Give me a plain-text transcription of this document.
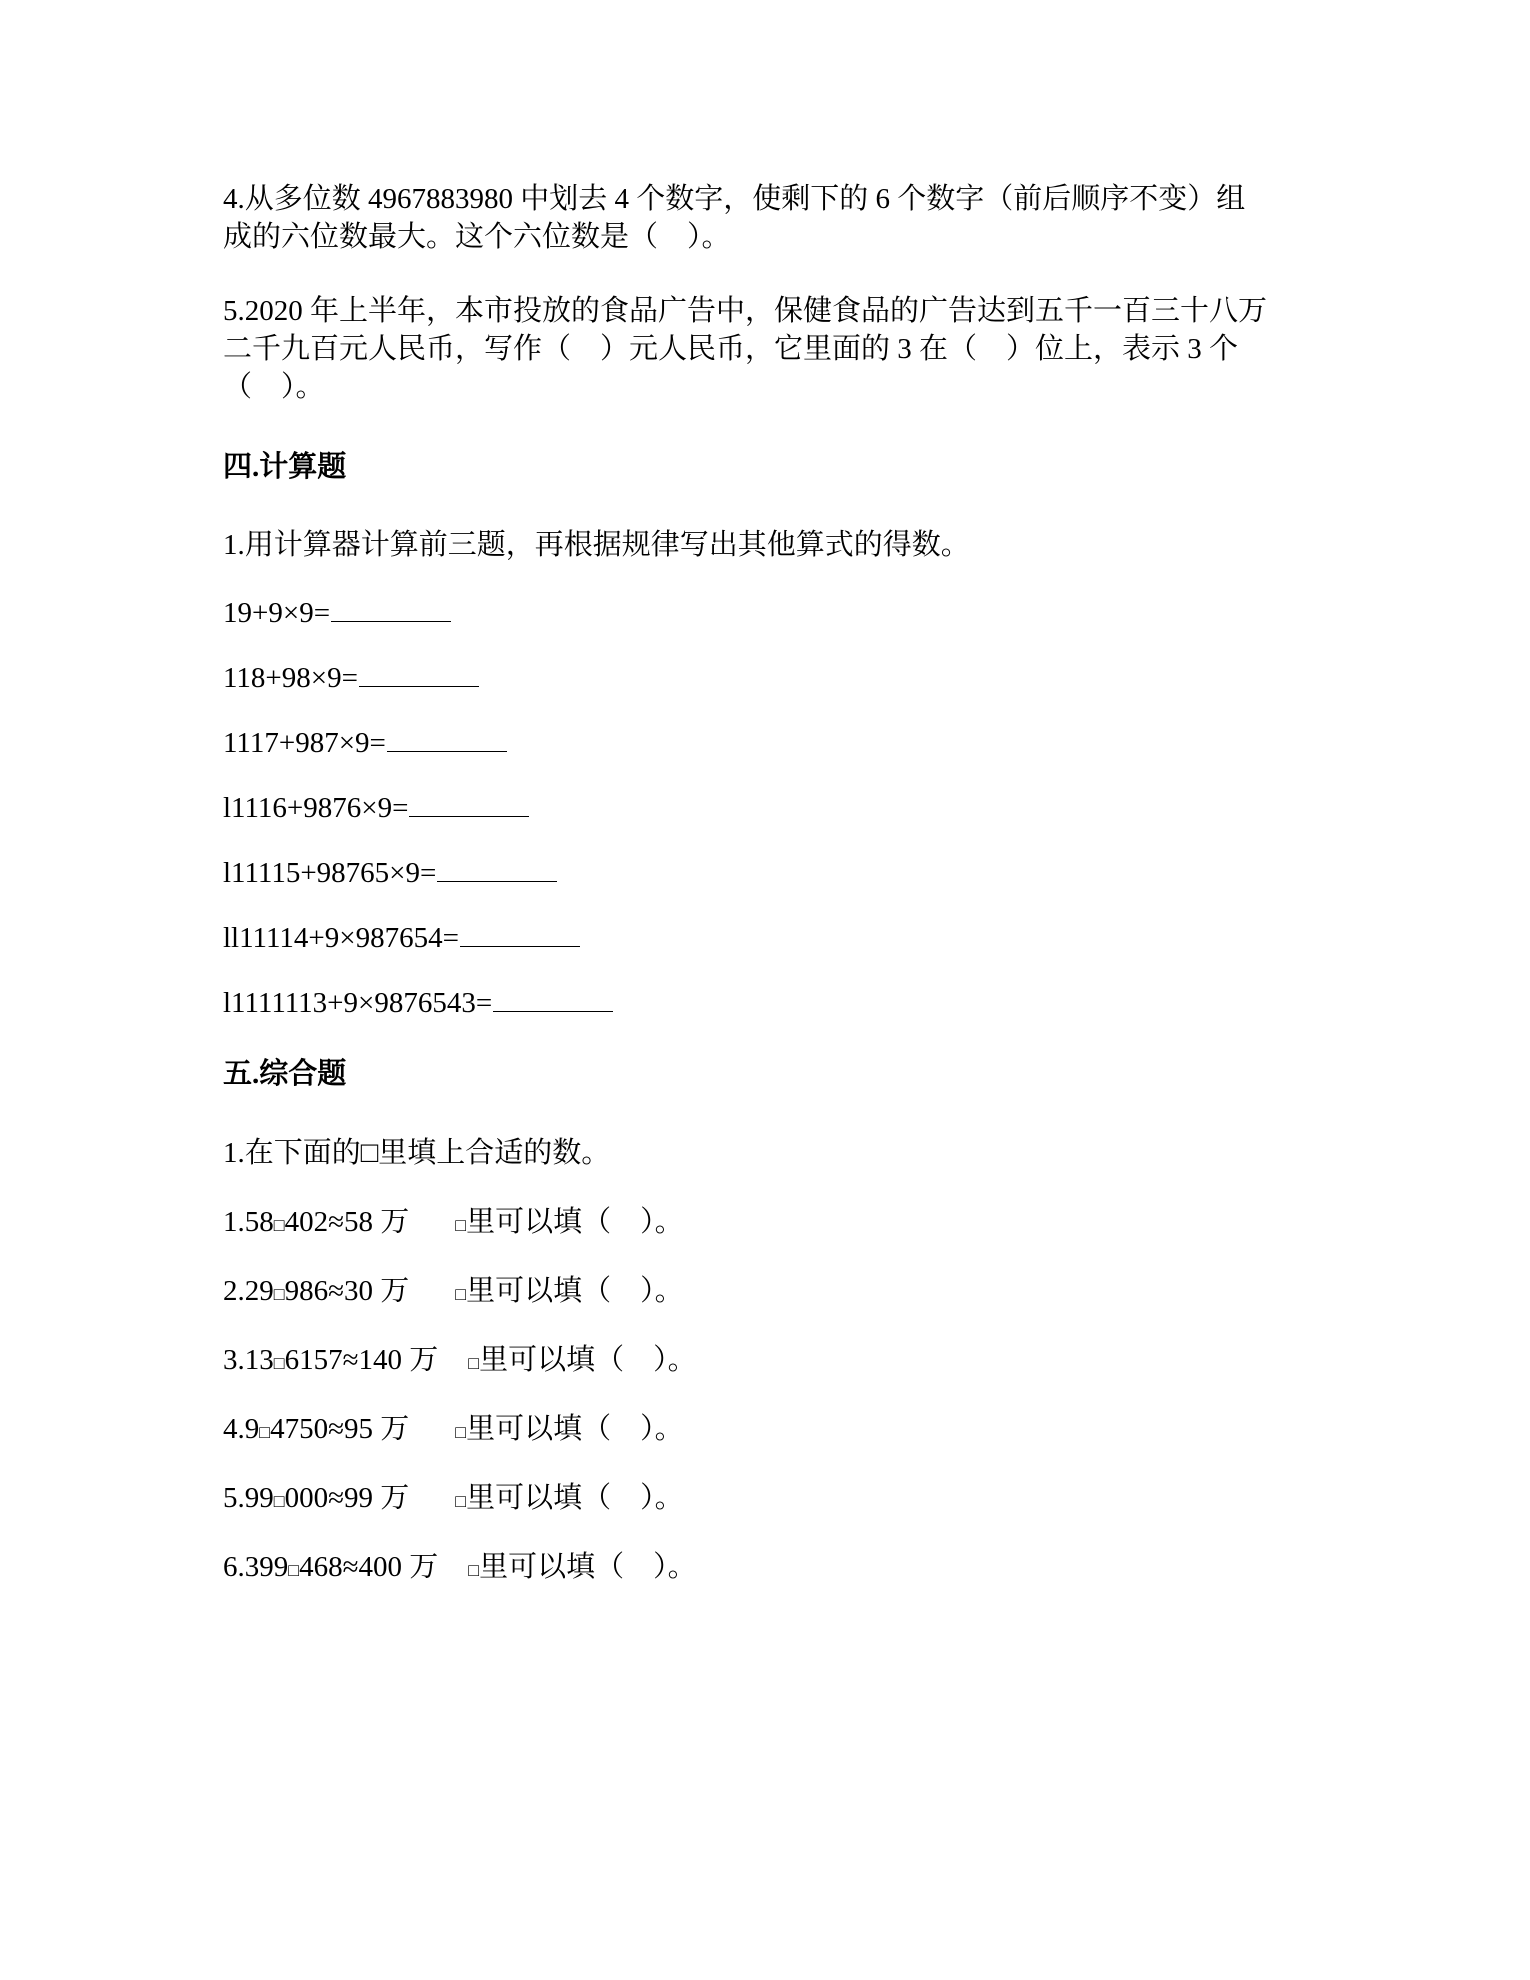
4.从多位数 4967883980 中划去 4 个数字，使剩下的 6 个数字（前后顺序不变）组
成的六位数最大。这个六位数是（    ）。
5.2020 年上半年，本市投放的食品广告中，保健食品的广告达到五千一百三十八万
二千九百元人民币，写作（    ）元人民币，它里面的 3 在（    ）位上，表示 3 个
（    ）。
四.计算题
1.用计算器计算前三题，再根据规律写出其他算式的得数。
19+9×9=
118+98×9=
1117+987×9=
l1116+9876×9=
l11115+98765×9=
ll11114+9×987654=
l1111113+9×9876543=
五.综合题
1.在下面的□里填上合适的数。
1.58□402≈58 万	□里可以填（    ）。
2.29□986≈30 万	□里可以填（    ）。
3.13□6157≈140 万 □里可以填（    ）。
4.9□4750≈95 万	□里可以填（    ）。
5.99□000≈99 万	□里可以填（    ）。
6.399□468≈400 万 □里可以填（    ）。
